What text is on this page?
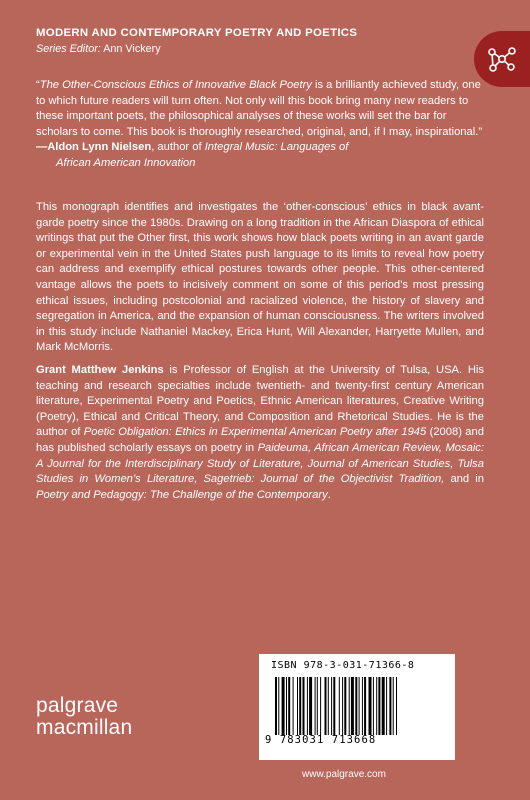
MODERN AND CONTEMPORARY POETRY AND POETICS
Series Editor: Ann Vickery

“The Other-Conscious Ethics of Innovative Black Poetry is a brilliantly achieved study, one to which future readers will turn often. Not only will this book bring many new readers to these important poets, the philosophical analyses of these works will set the bar for scholars to come. This book is thoroughly researched, original, and, if I may, inspirational.”

—Aldon Lynn Nielsen, author of Integral Music: Languages of

African American Innovation

This monograph identifies and investigates the ‘other-conscious’ ethics in black avant-garde poetry since the 1980s. Drawing on a long tradition in the African Diaspora of ethical writings that put the Other first, this work shows how black poets writing in an avant garde or experimental vein in the United States push language to its limits to reveal how poetry can address and exemplify ethical postures towards other people. This other-centered vantage allows the poets to incisively comment on some of this period’s most pressing ethical issues, including postcolonial and racialized violence, the history of slavery and segregation in America, and the expansion of human consciousness. The writers involved in this study include Nathaniel Mackey, Erica Hunt, Will Alexander, Harryette Mullen, and Mark McMorris.

Grant Matthew Jenkins is Professor of English at the University of Tulsa, USA. His teaching and research specialties include twentieth- and twenty-first century American literature, Experimental Poetry and Poetics, Ethnic American literatures, Creative Writing (Poetry), Ethical and Critical Theory, and Composition and Rhetorical Studies. He is the author of Poetic Obligation: Ethics in Experimental American Poetry after 1945 (2008) and has published scholarly essays on poetry in Paideuma, African American Review, Mosaic: A Journal for the Interdisciplinary Study of Literature, Journal of American Studies, Tulsa Studies in Women’s Literature, Sagetrieb: Journal of the Objectivist Tradition, and in Poetry and Pedagogy: The Challenge of the Contemporary.

palgrave
macmillan
ISBN 978-3-031-71366-8
9 783031 713668
www.palgrave.com
